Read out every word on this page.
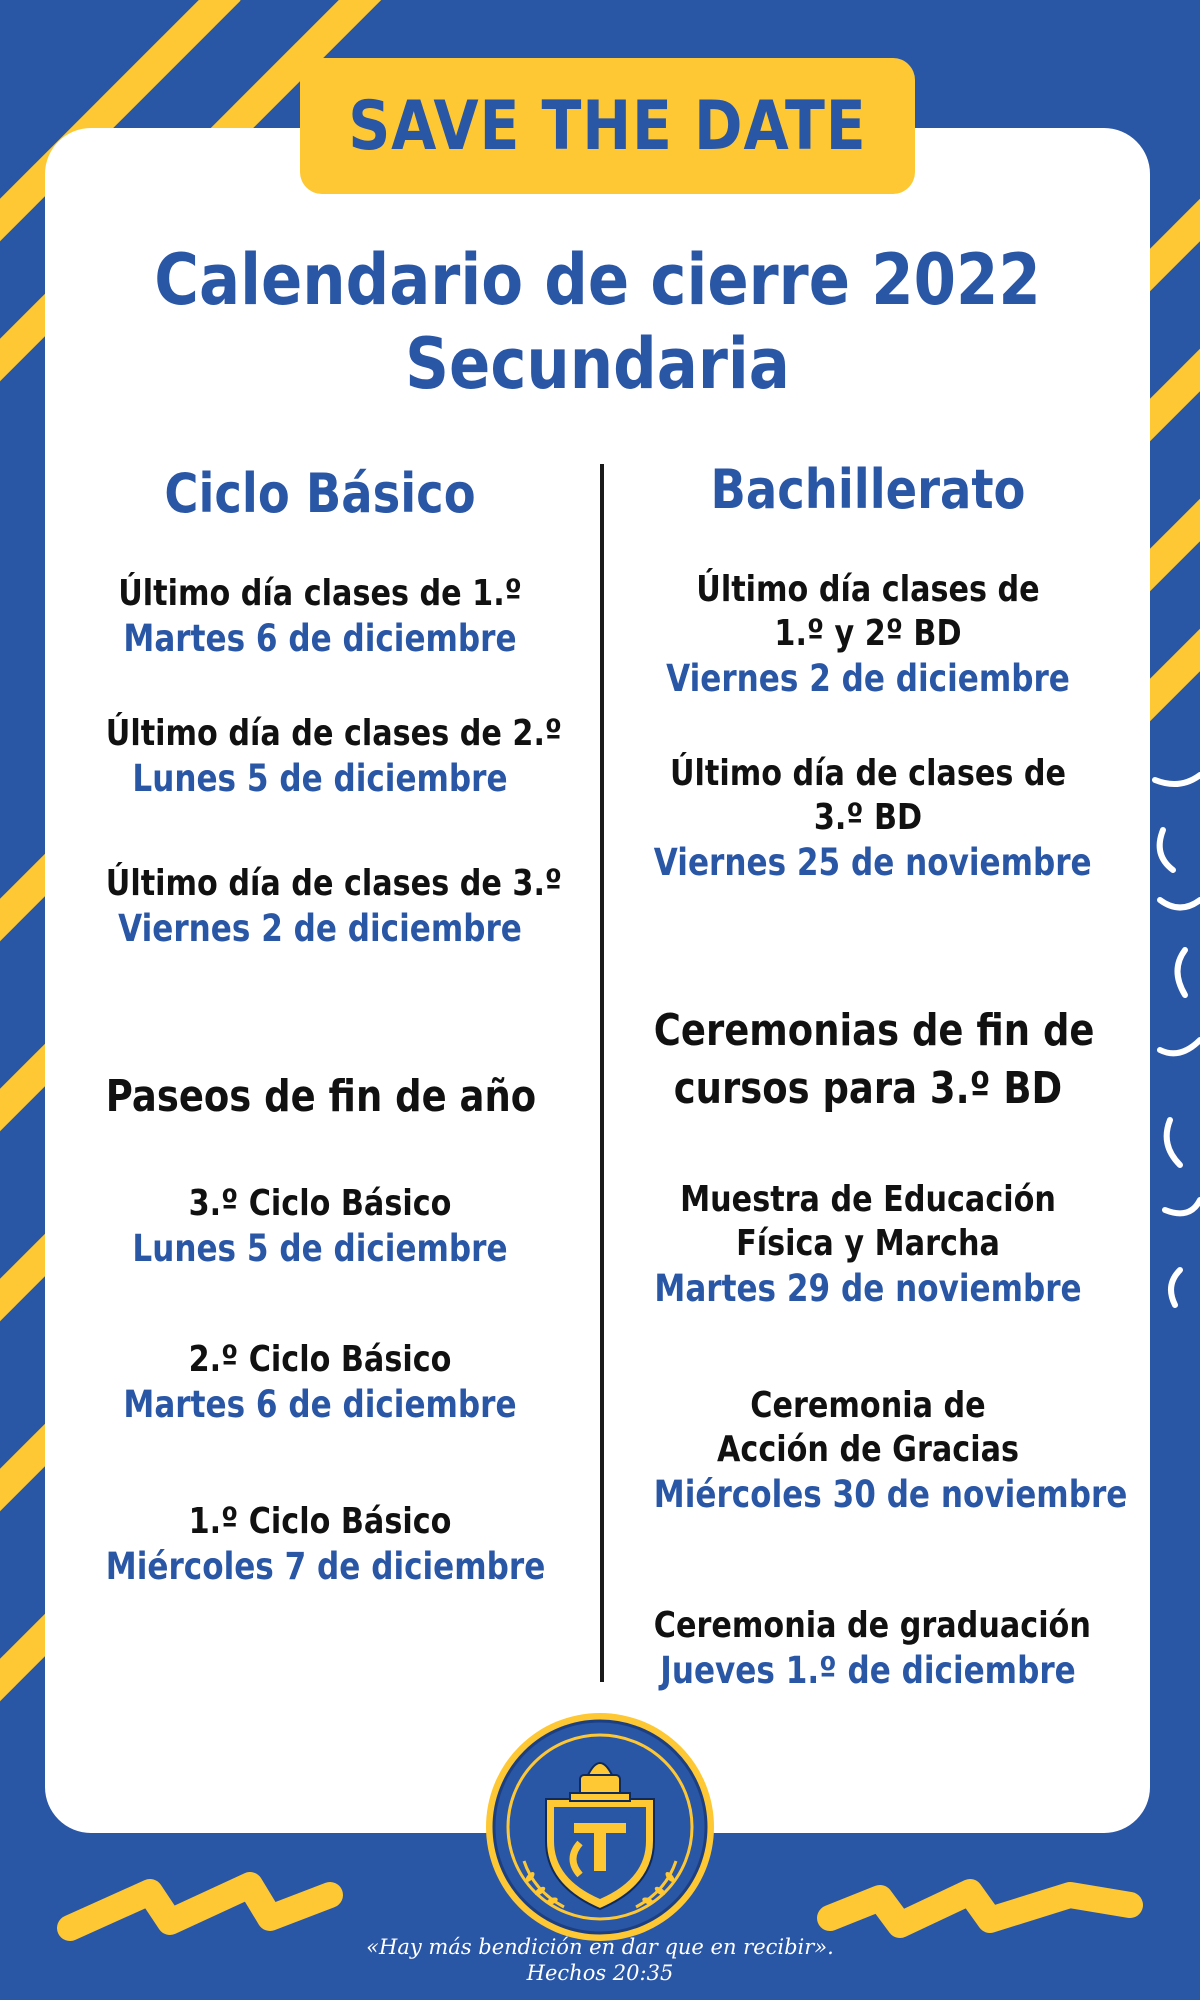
SAVE THE DATE
Calendario de cierre 2022
Secundaria
Ciclo Básico
Último día clases de 1.º
Martes 6 de diciembre
Último día de clases de 2.º
Lunes 5 de diciembre
Último día de clases de 3.º
Viernes 2 de diciembre
Paseos de fin de año
3.º Ciclo Básico
Lunes 5 de diciembre
2.º Ciclo Básico
Martes 6 de diciembre
1.º Ciclo Básico
Miércoles 7 de diciembre
Bachillerato
Último día clases de
1.º y 2º BD
Viernes 2 de diciembre
Último día de clases de
3.º BD
Viernes 25 de noviembre
Ceremonias de fin de
cursos para 3.º BD
Muestra de Educación
Física y Marcha
Martes 29 de noviembre
Ceremonia de
Acción de Gracias
Miércoles 30 de noviembre
Ceremonia de graduación
Jueves 1.º de diciembre
«Hay más bendición en dar que en recibir».
Hechos 20:35
